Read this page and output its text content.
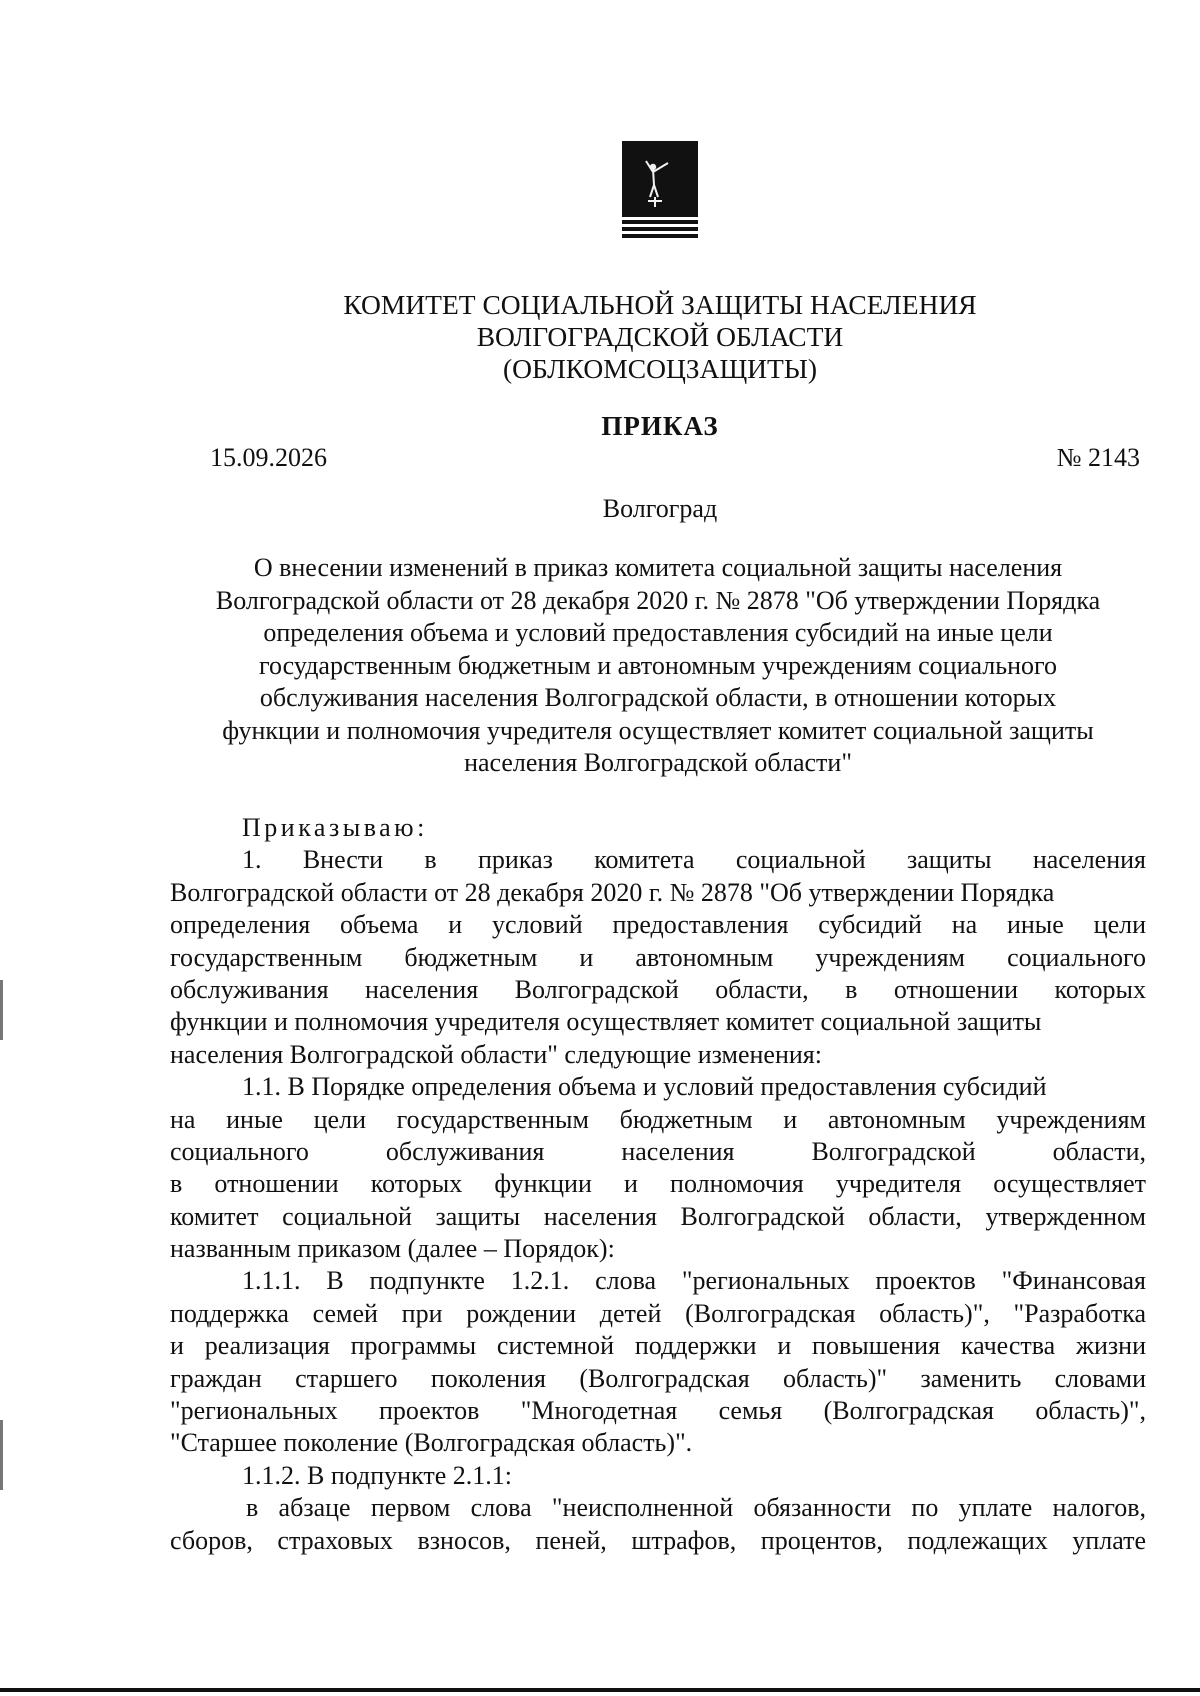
КОМИТЕТ СОЦИАЛЬНОЙ ЗАЩИТЫ НАСЕЛЕНИЯ
ВОЛГОГРАДСКОЙ ОБЛАСТИ
(ОБЛКОМСОЦЗАЩИТЫ)
ПРИКАЗ
15.09.2026	№ 2143
Волгоград
О внесении изменений в приказ комитета социальной защиты населения
Волгоградской области от 28 декабря 2020 г. № 2878 "Об утверждении Порядка
определения объема и условий предоставления субсидий на иные цели
государственным бюджетным и автономным учреждениям социального
обслуживания населения Волгоградской области, в отношении которых
функции и полномочия учредителя осуществляет комитет социальной защиты
населения Волгоградской области"
Приказываю:
1. Внести в приказ комитета социальной защиты населения
Волгоградской области от 28 декабря 2020 г. № 2878 "Об утверждении Порядка
определения объема и условий предоставления субсидий на иные цели
государственным бюджетным и автономным учреждениям социального
обслуживания населения Волгоградской области, в отношении которых
функции и полномочия учредителя осуществляет комитет социальной защиты
населения Волгоградской области" следующие изменения:
1.1. В Порядке определения объема и условий предоставления субсидий
на иные цели государственным бюджетным и автономным учреждениям
социального обслуживания населения Волгоградской области,
в отношении которых функции и полномочия учредителя осуществляет
комитет социальной защиты населения Волгоградской области, утвержденном
названным приказом (далее – Порядок):
1.1.1. В подпункте 1.2.1. слова "региональных проектов "Финансовая
поддержка семей при рождении детей (Волгоградская область)", "Разработка
и реализация программы системной поддержки и повышения качества жизни
граждан старшего поколения (Волгоградская область)" заменить словами
"региональных проектов "Многодетная семья (Волгоградская область)",
"Старшее поколение (Волгоградская область)".
1.1.2. В подпункте 2.1.1:
в абзаце первом слова "неисполненной обязанности по уплате налогов,
сборов, страховых взносов, пеней, штрафов, процентов, подлежащих уплате
